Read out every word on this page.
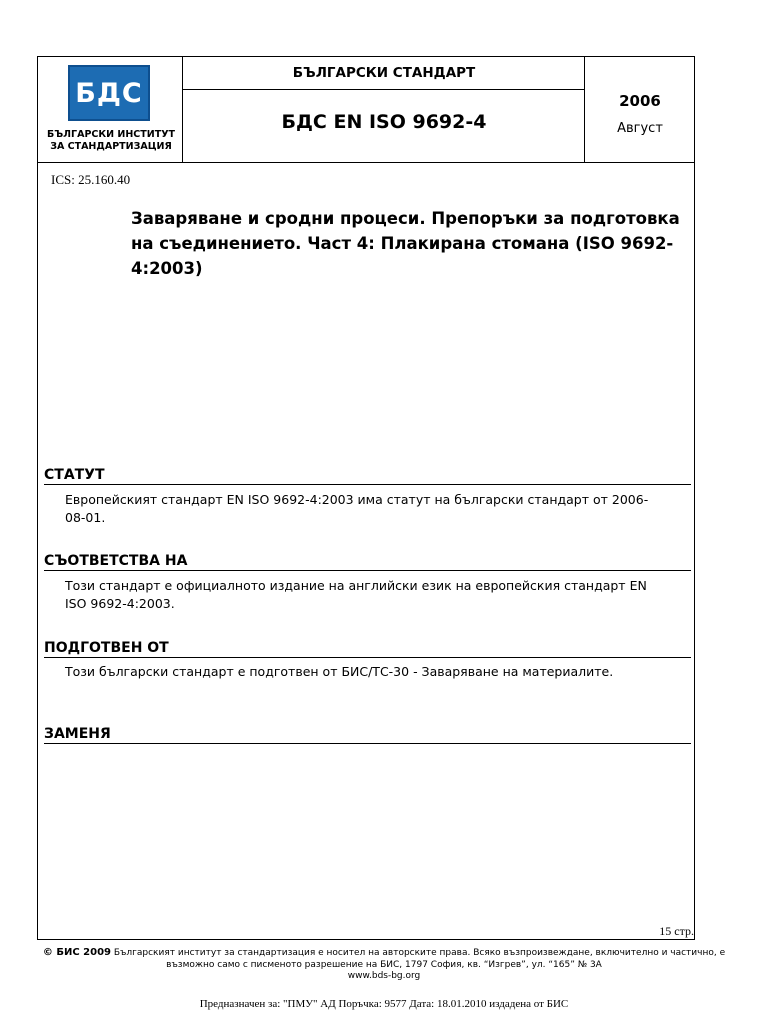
БДС
БЪЛГАРСКИ ИНСТИТУТ
ЗА СТАНДАРТИЗАЦИЯ
БЪЛГАРСКИ СТАНДАРТ
БДС EN ISO 9692-4
2006
Август
ICS: 25.160.40
Заваряване и сродни процеси. Препоръки за подготовка на съединението. Част 4: Плакирана стомана (ISO 9692-4:2003)
СТАТУТ
Европейският стандарт EN ISO 9692-4:2003 има статут на български стандарт от 2006-08-01.
СЪОТВЕТСТВА НА
Този стандарт е официалното издание на английски език на европейския стандарт EN ISO 9692-4:2003.
ПОДГОТВЕН ОТ
Този български стандарт е подготвен от БИС/ТС-30 - Заваряване на материалите.
ЗАМЕНЯ
15 стр.
© БИС 2009 Българският институт за стандартизация е носител на авторските права. Всяко възпроизвеждане, включително и частично, е възможно само с писменото разрешение на БИС, 1797 София, кв. “Изгрев”, ул. “165” № 3А
www.bds-bg.org
Предназначен за: "ПМУ" АД Поръчка: 9577 Дата: 18.01.2010 издадена от БИС
